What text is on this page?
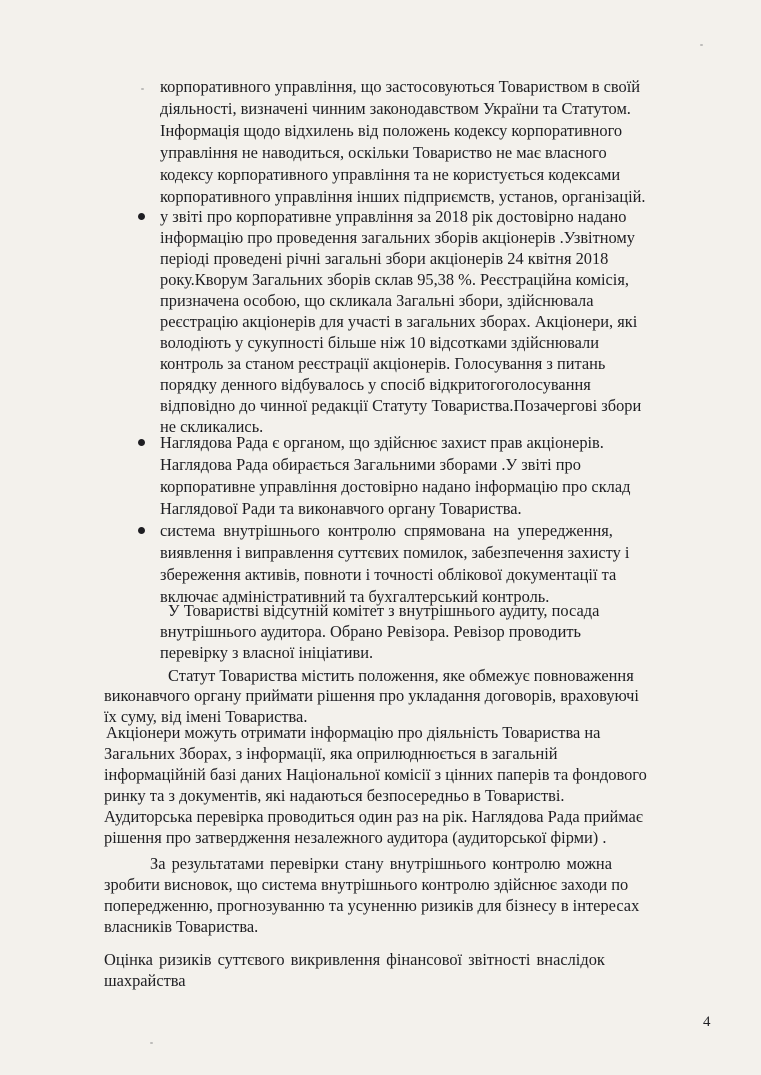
корпоративного управління, що застосовуються Товариством в своїй
діяльності, визначені чинним законодавством України та Статутом.
Інформація щодо відхилень від положень кодексу корпоративного
управління не наводиться, оскільки Товариство не має власного
кодексу корпоративного управління та не користується кодексами
корпоративного управління інших підприємств, установ, організацій.
у звіті про корпоративне управління за 2018 рік достовірно надано
інформацію про проведення загальних зборів акціонерів .Узвітному
періоді проведені річні загальні збори акціонерів 24 квітня 2018
року.Кворум Загальних зборів склав 95,38 %. Реєстраційна комісія,
призначена особою, що скликала Загальні збори, здійснювала
реєстрацію акціонерів для участі в загальних зборах. Акціонери, які
володіють у сукупності більше ніж 10 відсотками здійснювали
контроль за станом реєстрації акціонерів. Голосування з питань
порядку денного відбувалось у спосіб відкритогоголосування
відповідно до чинної редакції Статуту Товариства.Позачергові збори
не скликались.
Наглядова Рада є органом, що здійснює захист прав акціонерів.
Наглядова Рада обирається Загальними зборами .У звіті про
корпоративне управління достовірно надано інформацію про склад
Наглядової Ради та виконавчого органу Товариства.
система внутрішнього контролю спрямована на упередження,
виявлення і виправлення суттєвих помилок, забезпечення захисту і
збереження активів, повноти і точності облікової документації та
включає адміністративний та бухгалтерський контроль.
У Товаристві відсутній комітет з внутрішнього аудиту, посада
внутрішнього аудитора. Обрано Ревізора. Ревізор проводить
перевірку з власної ініціативи.
Статут Товариства містить положення, яке обмежує повноваження
виконавчого органу приймати рішення про укладання договорів, враховуючі
їх суму, від імені Товариства.
Акціонери можуть отримати інформацію про діяльність Товариства на
Загальних Зборах, з інформації, яка оприлюднюється в загальній
інформаційній базі даних Національної комісії з цінних паперів та фондового
ринку та з документів, які надаються безпосередньо в Товаристві.
Аудиторська перевірка проводиться один раз на рік. Наглядова Рада приймає
рішення про затвердження незалежного аудитора (аудиторської фірми) .
За результатами перевірки стану внутрішнього контролю можна
зробити висновок, що система внутрішнього контролю здійснює заходи по
попередженню, прогнозуванню та усуненню ризиків для бізнесу в інтересах
власників Товариства.
Оцінка ризиків суттєвого викривлення фінансової звітності внаслідок
шахрайства
4
